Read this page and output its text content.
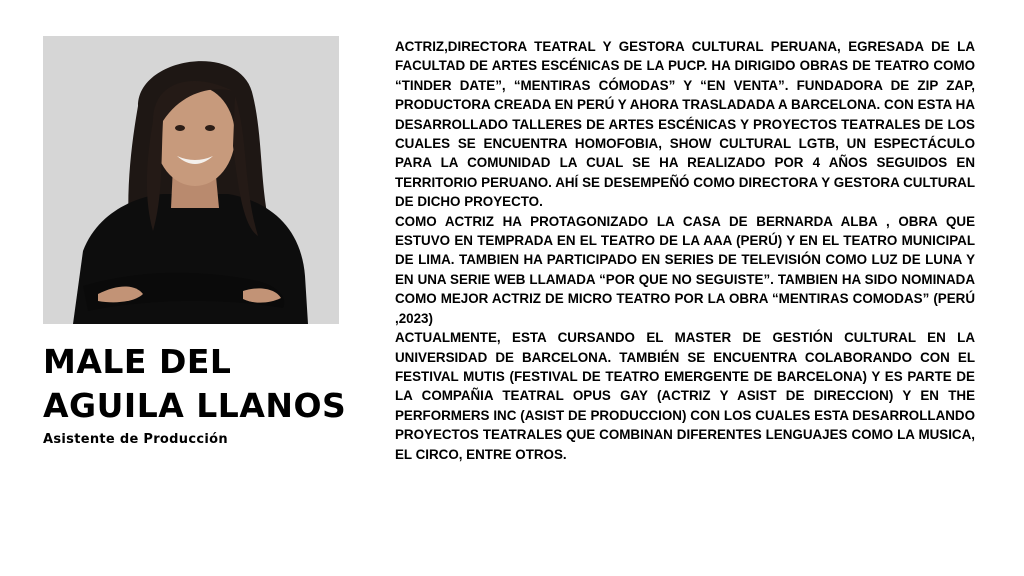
MALE DEL AGUILA LLANOS

Asistente de Producción

ACTRIZ,DIRECTORA TEATRAL Y GESTORA CULTURAL PERUANA, EGRESADA DE LA FACULTAD DE ARTES ESCÉNICAS DE LA PUCP. HA DIRIGIDO OBRAS DE TEATRO COMO “TINDER DATE”, “MENTIRAS CÓMODAS” Y “EN VENTA”. FUNDADORA DE ZIP ZAP, PRODUCTORA CREADA EN PERÚ Y AHORA TRASLADADA A BARCELONA. CON ESTA HA DESARROLLADO TALLERES DE ARTES ESCÉNICAS Y PROYECTOS TEATRALES DE LOS CUALES SE ENCUENTRA HOMOFOBIA, SHOW CULTURAL LGTB, UN ESPECTÁCULO PARA LA COMUNIDAD LA CUAL SE HA REALIZADO POR 4 AÑOS SEGUIDOS EN TERRITORIO PERUANO. AHÍ SE DESEMPEÑÓ COMO DIRECTORA Y GESTORA CULTURAL DE DICHO PROYECTO.

COMO ACTRIZ HA PROTAGONIZADO LA CASA DE BERNARDA ALBA , OBRA QUE ESTUVO EN TEMPRADA EN EL TEATRO DE LA AAA (PERÚ) Y EN EL TEATRO MUNICIPAL DE LIMA. TAMBIEN HA PARTICIPADO EN SERIES DE TELEVISIÓN COMO LUZ DE LUNA Y EN UNA SERIE WEB LLAMADA “POR QUE NO SEGUISTE”. TAMBIEN HA SIDO NOMINADA COMO MEJOR ACTRIZ DE MICRO TEATRO POR LA OBRA “MENTIRAS COMODAS” (PERÚ ,2023)

ACTUALMENTE, ESTA CURSANDO EL MASTER DE GESTIÓN CULTURAL EN LA UNIVERSIDAD DE BARCELONA. TAMBIÉN SE ENCUENTRA COLABORANDO CON EL FESTIVAL MUTIS (FESTIVAL DE TEATRO EMERGENTE DE BARCELONA) Y ES PARTE DE LA COMPAÑIA TEATRAL OPUS GAY (ACTRIZ Y ASIST DE DIRECCION) Y EN THE PERFORMERS INC (ASIST DE PRODUCCION) CON LOS CUALES ESTA DESARROLLANDO PROYECTOS TEATRALES QUE COMBINAN DIFERENTES LENGUAJES COMO LA MUSICA, EL CIRCO, ENTRE OTROS.
